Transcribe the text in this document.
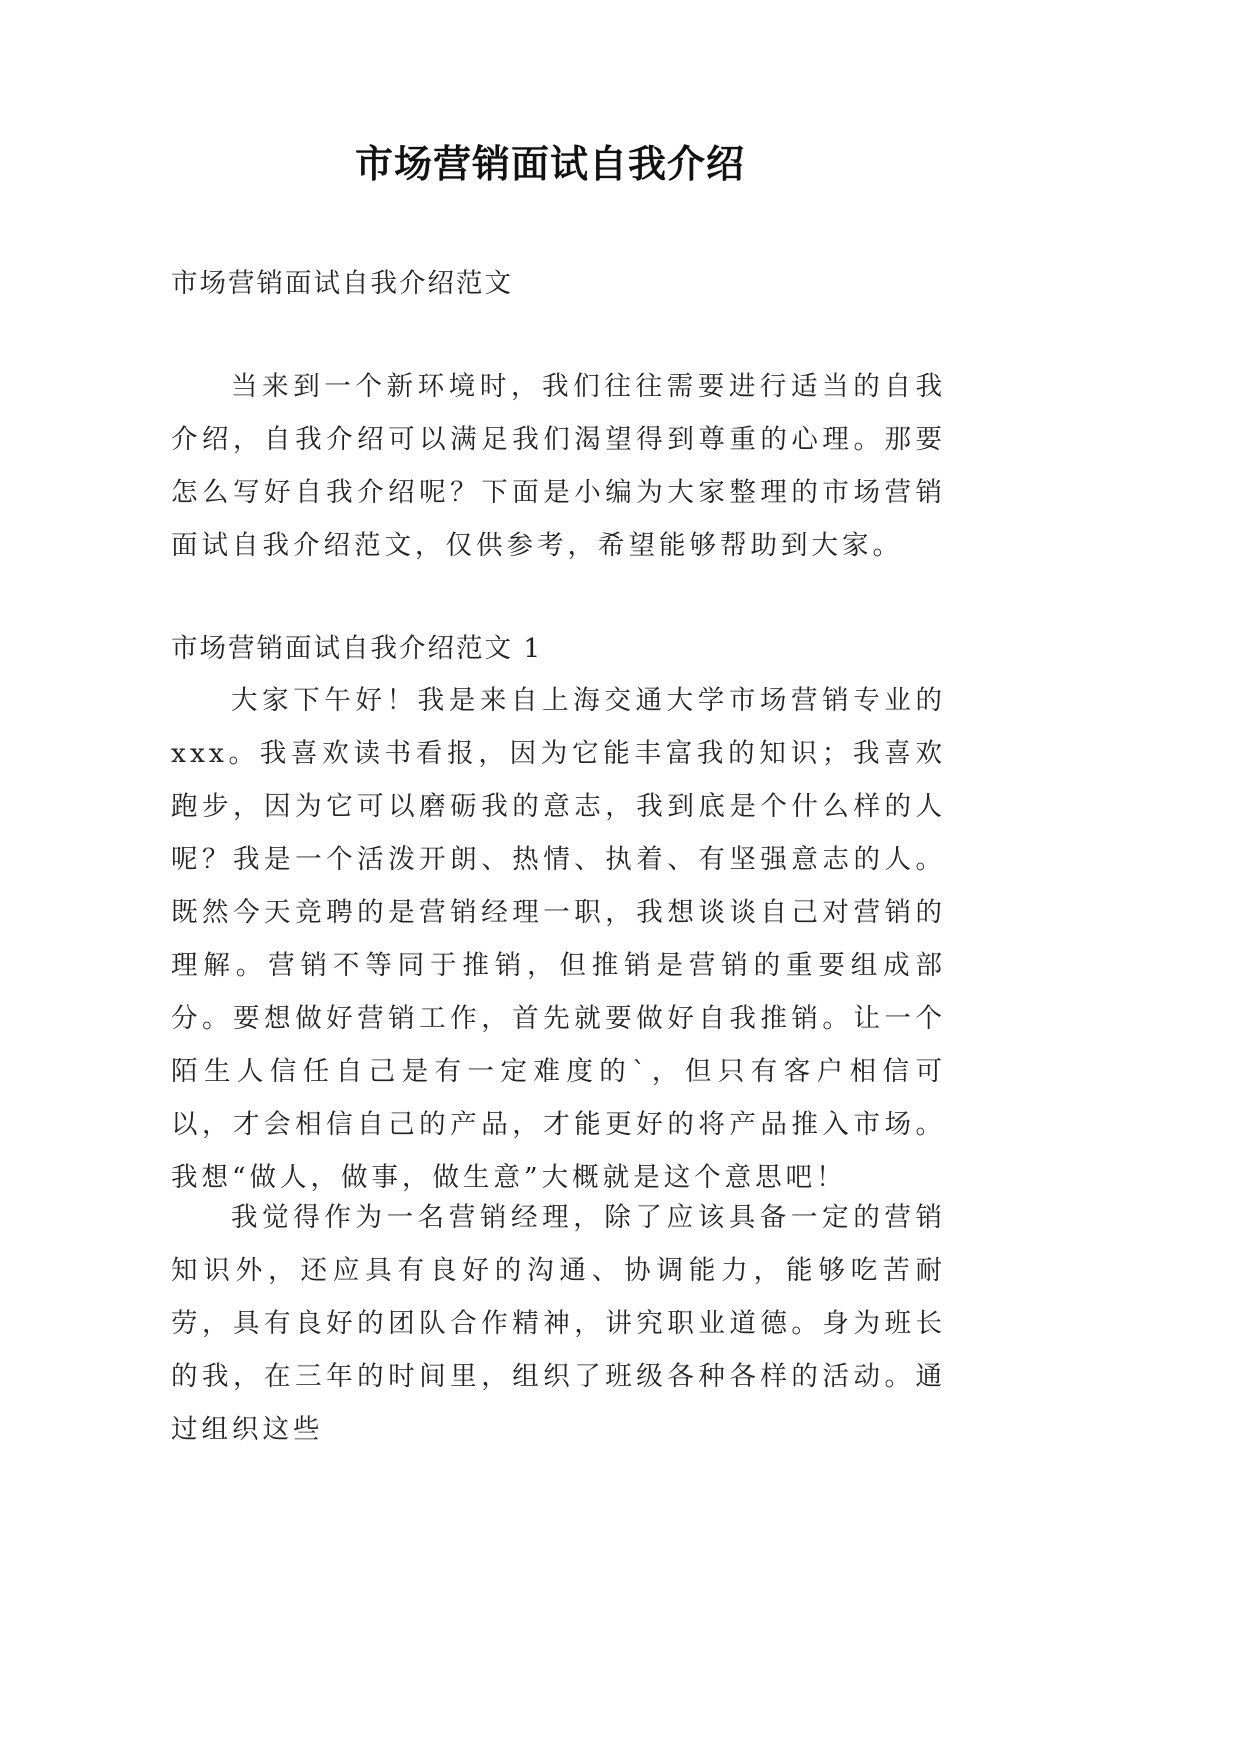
市场营销面试自我介绍

市场营销面试自我介绍范文

当来到一个新环境时，我们往往需要进行适当的自我介绍，自我介绍可以满足我们渴望得到尊重的心理。那要怎么写好自我介绍呢？下面是小编为大家整理的市场营销面试自我介绍范文，仅供参考，希望能够帮助到大家。

市场营销面试自我介绍范文 1

大家下午好！我是来自上海交通大学市场营销专业的xxx。我喜欢读书看报，因为它能丰富我的知识；我喜欢跑步，因为它可以磨砺我的意志，我到底是个什么样的人呢？我是一个活泼开朗、热情、执着、有坚强意志的人。既然今天竞聘的是营销经理一职，我想谈谈自己对营销的理解。营销不等同于推销，但推销是营销的重要组成部分。要想做好营销工作，首先就要做好自我推销。让一个陌生人信任自己是有一定难度的`，但只有客户相信可以，才会相信自己的产品，才能更好的将产品推入市场。我想“做人，做事，做生意”大概就是这个意思吧！

我觉得作为一名营销经理，除了应该具备一定的营销知识外，还应具有良好的沟通、协调能力，能够吃苦耐劳，具有良好的团队合作精神，讲究职业道德。身为班长的我，在三年的时间里，组织了班级各种各样的活动。通过组织这些
